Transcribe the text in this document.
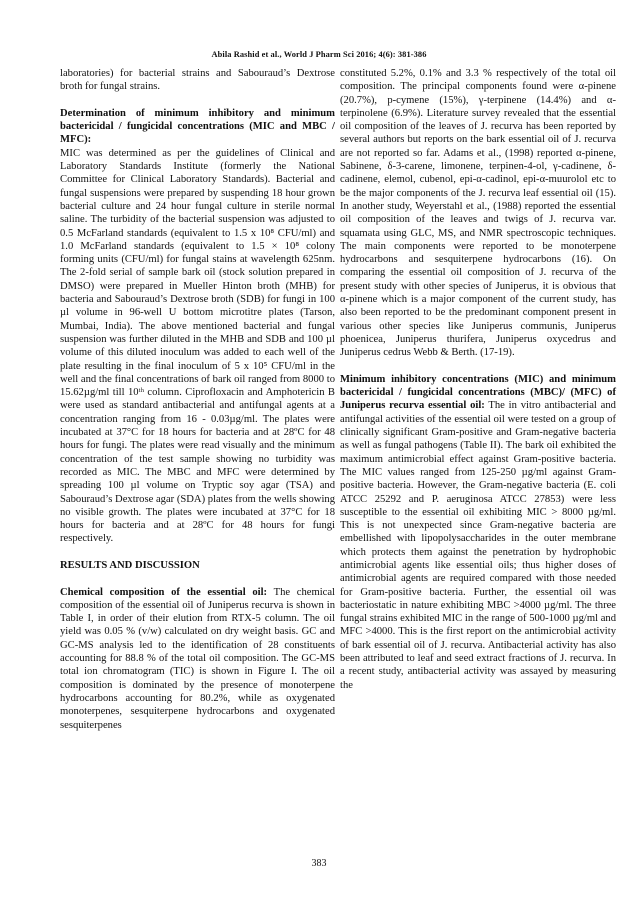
Abila Rashid et al., World J Pharm Sci 2016; 4(6): 381-386

laboratories) for bacterial strains and Sabouraud’s Dextrose broth for fungal strains.

Determination of minimum inhibitory and minimum bactericidal / fungicidal concentrations (MIC and MBC / MFC):

MIC was determined as per the guidelines of Clinical and Laboratory Standards Institute (formerly the National Committee for Clinical Laboratory Standards). Bacterial and fungal suspensions were prepared by suspending 18 hour grown bacterial culture and 24 hour fungal culture in sterile normal saline. The turbidity of the bacterial suspension was adjusted to 0.5 McFarland standards (equivalent to 1.5 x 10⁸ CFU/ml) and 1.0 McFarland standards (equivalent to 1.5 × 10⁸ colony forming units (CFU/ml) for fungal stains at wavelength 625nm. The 2-fold serial of sample bark oil (stock solution prepared in DMSO) were prepared in Mueller Hinton broth (MHB) for bacteria and Sabouraud’s Dextrose broth (SDB) for fungi in 100 µl volume in 96-well U bottom microtitre plates (Tarson, Mumbai, India). The above mentioned bacterial and fungal suspension was further diluted in the MHB and SDB and 100 µl volume of this diluted inoculum was added to each well of the plate resulting in the final inoculum of 5 x 10⁵ CFU/ml in the well and the final concentrations of bark oil ranged from 8000 to 15.62µg/ml till 10ᵗʰ column. Ciprofloxacin and Amphotericin B were used as standard antibacterial and antifungal agents at a concentration ranging from 16 - 0.03µg/ml. The plates were incubated at 37°C for 18 hours for bacteria and at 28ºC for 48 hours for fungi. The plates were read visually and the minimum concentration of the test sample showing no turbidity was recorded as MIC. The MBC and MFC were determined by spreading 100 µl volume on Tryptic soy agar (TSA) and Sabouraud’s Dextrose agar (SDA) plates from the wells showing no visible growth. The plates were incubated at 37°C for 18 hours for bacteria and at 28ºC for 48 hours for fungi respectively.

RESULTS AND DISCUSSION

Chemical composition of the essential oil: The chemical composition of the essential oil of Juniperus recurva is shown in Table I, in order of their elution from RTX-5 column. The oil yield was 0.05 % (v/w) calculated on dry weight basis. GC and GC-MS analysis led to the identification of 28 constituents accounting for 88.8 % of the total oil composition. The GC-MS total ion chromatogram (TIC) is shown in Figure I. The oil composition is dominated by the presence of monoterpene hydrocarbons accounting for 80.2%, while as oxygenated monoterpenes, sesquiterpene hydrocarbons and oxygenated sesquiterpenes

constituted 5.2%, 0.1% and 3.3 % respectively of the total oil composition. The principal components found were α-pinene (20.7%), p-cymene (15%), γ-terpinene (14.4%) and α-terpinolene (6.9%). Literature survey revealed that the essential oil composition of the leaves of J. recurva has been reported by several authors but reports on the bark essential oil of J. recurva are not reported so far. Adams et al., (1998) reported α-pinene, Sabinene, δ-3-carene, limonene, terpinen-4-ol, γ-cadinene, δ-cadinene, elemol, cubenol, epi-α-cadinol, epi-α-muurolol etc to be the major components of the J. recurva leaf essential oil (15). In another study, Weyerstahl et al., (1988) reported the essential oil composition of the leaves and twigs of J. recurva var. squamata using GLC, MS, and NMR spectroscopic techniques. The main components were reported to be monoterpene hydrocarbons and sesquiterpene hydrocarbons (16). On comparing the essential oil composition of J. recurva of the present study with other species of Juniperus, it is obvious that α-pinene which is a major component of the current study, has also been reported to be the predominant component present in various other species like Juniperus communis, Juniperus phoenicea, Juniperus thurifera, Juniperus oxycedrus and Juniperus cedrus Webb & Berth. (17-19).

Minimum inhibitory concentrations (MIC) and minimum bactericidal / fungicidal concentrations (MBC)/ (MFC) of Juniperus recurva essential oil: The in vitro antibacterial and antifungal activities of the essential oil were tested on a group of clinically significant Gram-positive and Gram-negative bacteria as well as fungal pathogens (Table II). The bark oil exhibited the maximum antimicrobial effect against Gram-positive bacteria. The MIC values ranged from 125-250 µg/ml against Gram-positive bacteria. However, the Gram-negative bacteria (E. coli ATCC 25292 and P. aeruginosa ATCC 27853) were less susceptible to the essential oil exhibiting MIC > 8000 µg/ml. This is not unexpected since Gram-negative bacteria are embellished with lipopolysaccharides in the outer membrane which protects them against the penetration by hydrophobic antimicrobial agents like essential oils; thus higher doses of antimicrobial agents are required compared with those needed for Gram-positive bacteria. Further, the essential oil was bacteriostatic in nature exhibiting MBC >4000 µg/ml. The three fungal strains exhibited MIC in the range of 500-1000 µg/ml and MFC >4000. This is the first report on the antimicrobial activity of bark essential oil of J. recurva. Antibacterial activity has also been attributed to leaf and seed extract fractions of J. recurva. In a recent study, antibacterial activity was assayed by measuring the

383
